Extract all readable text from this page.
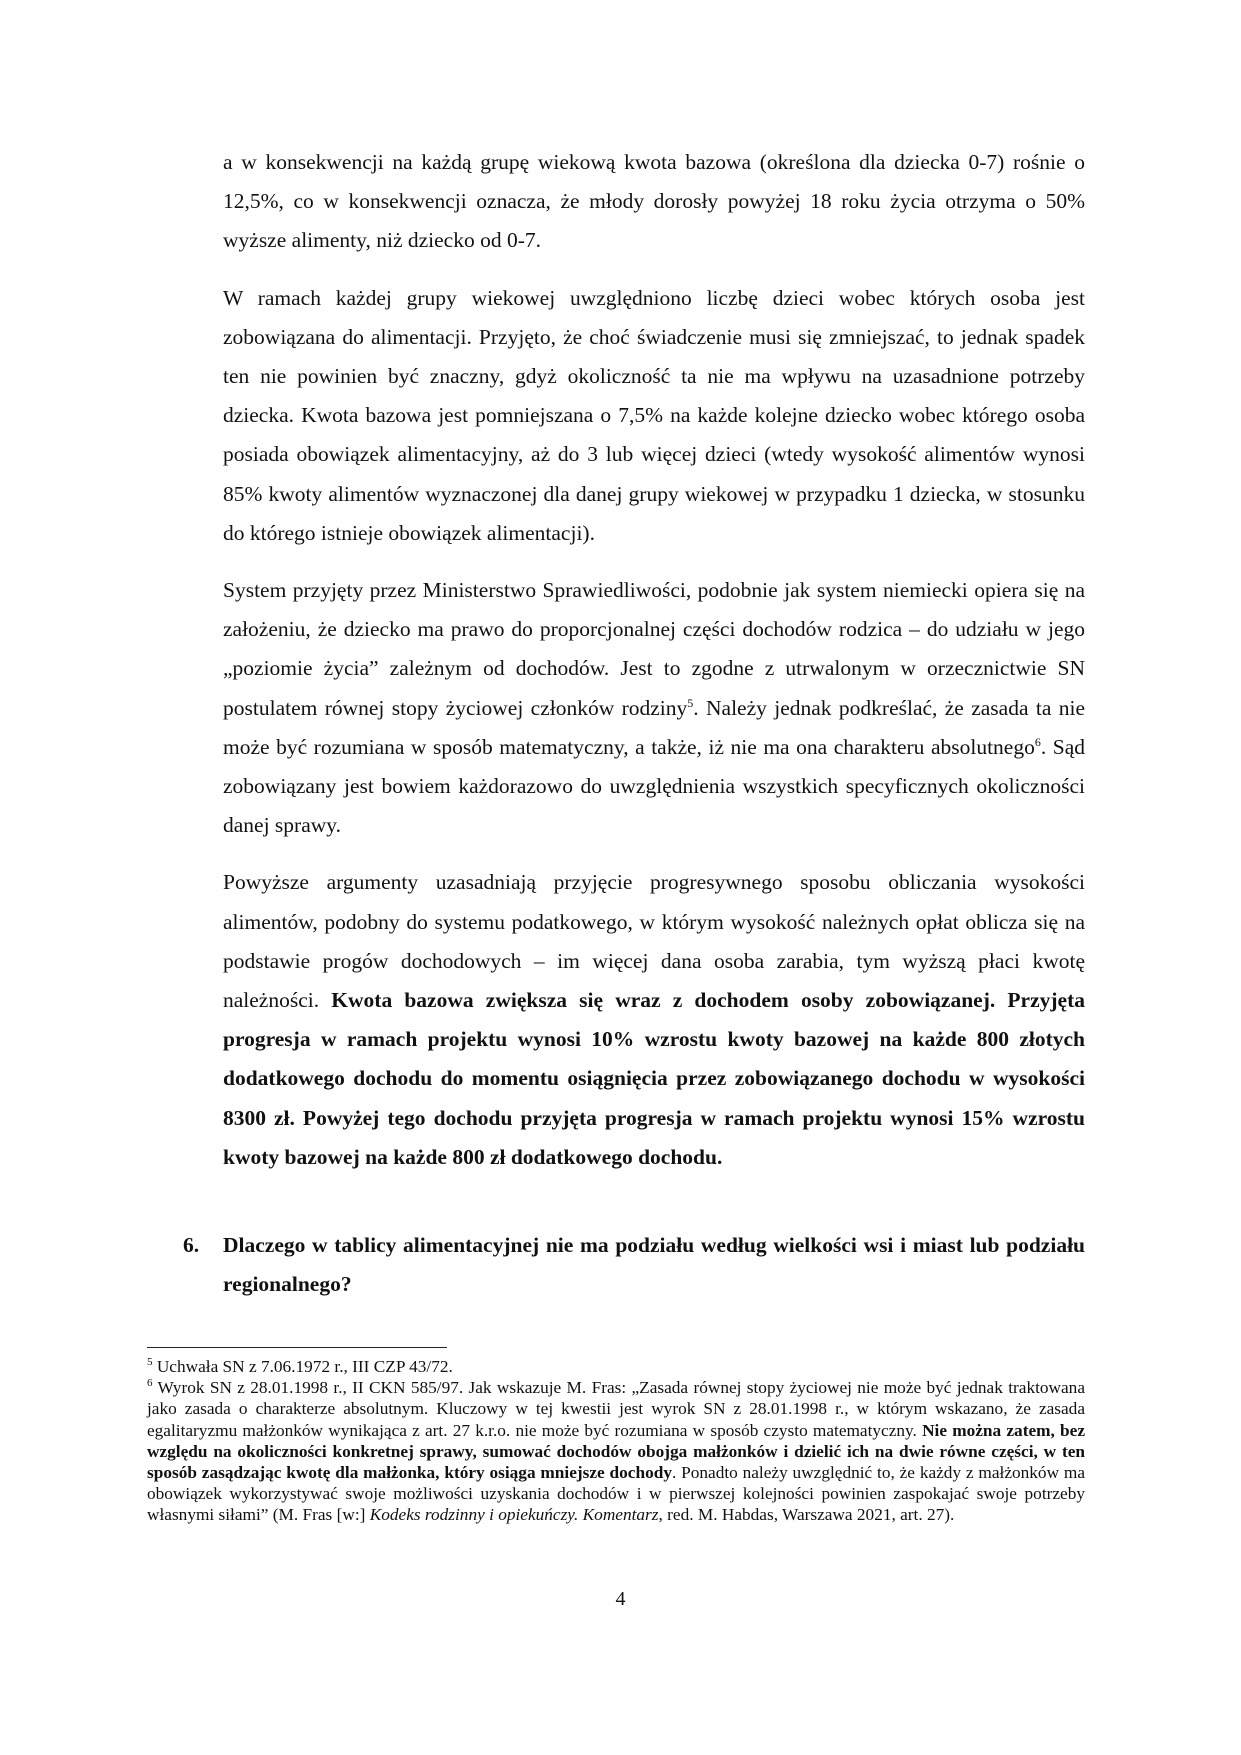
a w konsekwencji na każdą grupę wiekową kwota bazowa (określona dla dziecka 0-7) rośnie o 12,5%, co w konsekwencji oznacza, że młody dorosły powyżej 18 roku życia otrzyma o 50% wyższe alimenty, niż dziecko od 0-7.

W ramach każdej grupy wiekowej uwzględniono liczbę dzieci wobec których osoba jest zobowiązana do alimentacji. Przyjęto, że choć świadczenie musi się zmniejszać, to jednak spadek ten nie powinien być znaczny, gdyż okoliczność ta nie ma wpływu na uzasadnione potrzeby dziecka. Kwota bazowa jest pomniejszana o 7,5% na każde kolejne dziecko wobec którego osoba posiada obowiązek alimentacyjny, aż do 3 lub więcej dzieci (wtedy wysokość alimentów wynosi 85% kwoty alimentów wyznaczonej dla danej grupy wiekowej w przypadku 1 dziecka, w stosunku do którego istnieje obowiązek alimentacji).

System przyjęty przez Ministerstwo Sprawiedliwości, podobnie jak system niemiecki opiera się na założeniu, że dziecko ma prawo do proporcjonalnej części dochodów rodzica – do udziału w jego „poziomie życia” zależnym od dochodów. Jest to zgodne z utrwalonym w orzecznictwie SN postulatem równej stopy życiowej członków rodziny$^5$. Należy jednak podkreślać, że zasada ta nie może być rozumiana w sposób matematyczny, a także, iż nie ma ona charakteru absolutnego$^6$. Sąd zobowiązany jest bowiem każdorazowo do uwzględnienia wszystkich specyficznych okoliczności danej sprawy.

Powyższe argumenty uzasadniają przyjęcie progresywnego sposobu obliczania wysokości alimentów, podobny do systemu podatkowego, w którym wysokość należnych opłat oblicza się na podstawie progów dochodowych – im więcej dana osoba zarabia, tym wyższą płaci kwotę należności. Kwota bazowa zwiększa się wraz z dochodem osoby zobowiązanej. Przyjęta progresja w ramach projektu wynosi 10% wzrostu kwoty bazowej na każde 800 złotych dodatkowego dochodu do momentu osiągnięcia przez zobowiązanego dochodu w wysokości 8300 zł. Powyżej tego dochodu przyjęta progresja w ramach projektu wynosi 15% wzrostu kwoty bazowej na każde 800 zł dodatkowego dochodu.

6. Dlaczego w tablicy alimentacyjnej nie ma podziału według wielkości wsi i miast lub podziału regionalnego?

$^5$ Uchwała SN z 7.06.1972 r., III CZP 43/72.

$^6$ Wyrok SN z 28.01.1998 r., II CKN 585/97. Jak wskazuje M. Fras: „Zasada równej stopy życiowej nie może być jednak traktowana jako zasada o charakterze absolutnym. Kluczowy w tej kwestii jest wyrok SN z 28.01.1998 r., w którym wskazano, że zasada egalitaryzmu małżonków wynikająca z art. 27 k.r.o. nie może być rozumiana w sposób czysto matematyczny. Nie można zatem, bez względu na okoliczności konkretnej sprawy, sumować dochodów obojga małżonków i dzielić ich na dwie równe części, w ten sposób zasądzając kwotę dla małżonka, który osiąga mniejsze dochody. Ponadto należy uwzględnić to, że każdy z małżonków ma obowiązek wykorzystywać swoje możliwości uzyskania dochodów i w pierwszej kolejności powinien zaspokajać swoje potrzeby własnymi siłami” (M. Fras [w:] Kodeks rodzinny i opiekuńczy. Komentarz, red. M. Habdas, Warszawa 2021, art. 27).

4
